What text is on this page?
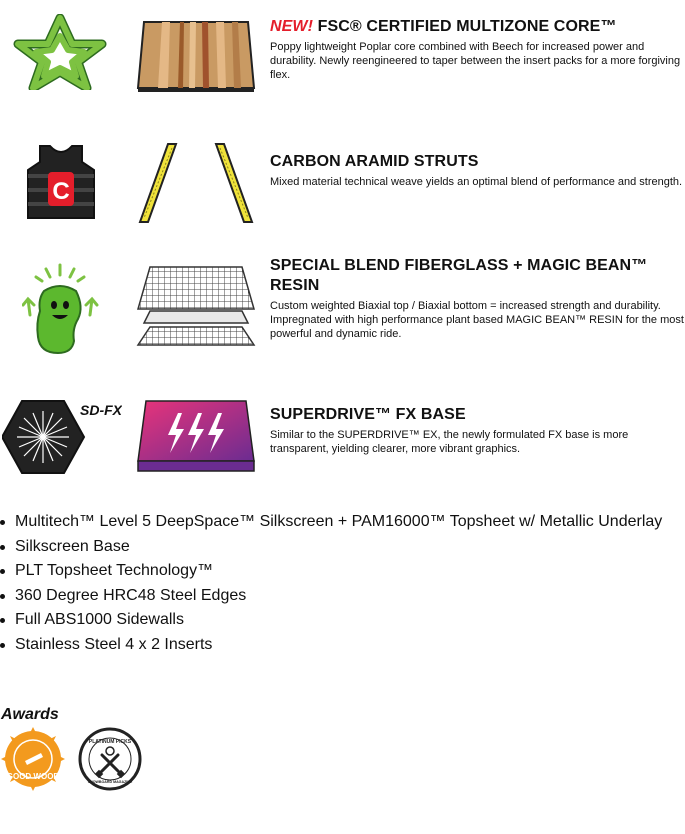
NEW! FSC® CERTIFIED MULTIZONE CORE™

Poppy lightweight Poplar core combined with Beech for increased power and durability. Newly reengineered to taper between the insert packs for a more forgiving flex.

C
CARBON ARAMID STRUTS

Mixed material technical weave yields an optimal blend of performance and strength.

SPECIAL BLEND FIBERGLASS + MAGIC BEAN™ RESIN

Custom weighted Biaxial top / Biaxial bottom = increased strength and durability.

Impregnated with high performance plant based MAGIC BEAN™ RESIN for the most powerful and dynamic ride.

SD-FX	SUPERDRIVE™ FX BASE

Similar to the SUPERDRIVE™ EX, the newly formulated FX base is more transparent, yielding clearer, more vibrant graphics.

Multitech™ Level 5 DeepSpace™ Silkscreen + PAM16000™ Topsheet w/ Metallic Underlay
Silkscreen Base
PLT Topsheet Technology™
360 Degree HRC48 Steel Edges
Full ABS1000 Sidewalls
Stainless Steel 4 x 2 Inserts
Awards
GOOD WOOD
PLATINUM PICKS
SNOWBOARD MAGAZINE
